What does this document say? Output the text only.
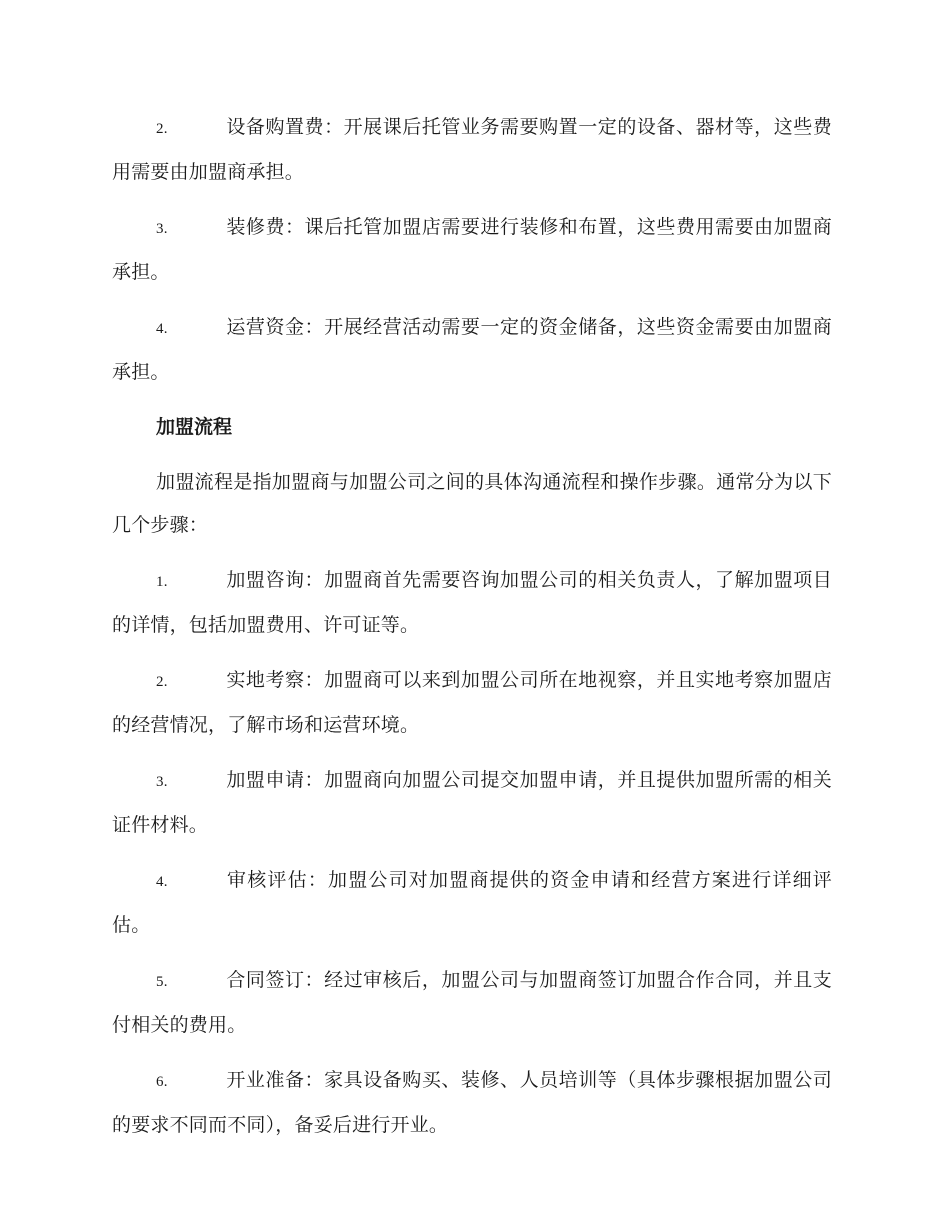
2.	设备购置费：开展课后托管业务需要购置一定的设备、器材等，这些费用需要由加盟商承担。

3.	装修费：课后托管加盟店需要进行装修和布置，这些费用需要由加盟商承担。

4.	运营资金：开展经营活动需要一定的资金储备，这些资金需要由加盟商承担。

加盟流程

加盟流程是指加盟商与加盟公司之间的具体沟通流程和操作步骤。通常分为以下几个步骤：

1.	加盟咨询：加盟商首先需要咨询加盟公司的相关负责人，了解加盟项目的详情，包括加盟费用、许可证等。

2.	实地考察：加盟商可以来到加盟公司所在地视察，并且实地考察加盟店的经营情况，了解市场和运营环境。

3.	加盟申请：加盟商向加盟公司提交加盟申请，并且提供加盟所需的相关证件材料。

4.	审核评估：加盟公司对加盟商提供的资金申请和经营方案进行详细评估。

5.	合同签订：经过审核后，加盟公司与加盟商签订加盟合作合同，并且支付相关的费用。

6.	开业准备：家具设备购买、装修、人员培训等（具体步骤根据加盟公司的要求不同而不同），备妥后进行开业。
